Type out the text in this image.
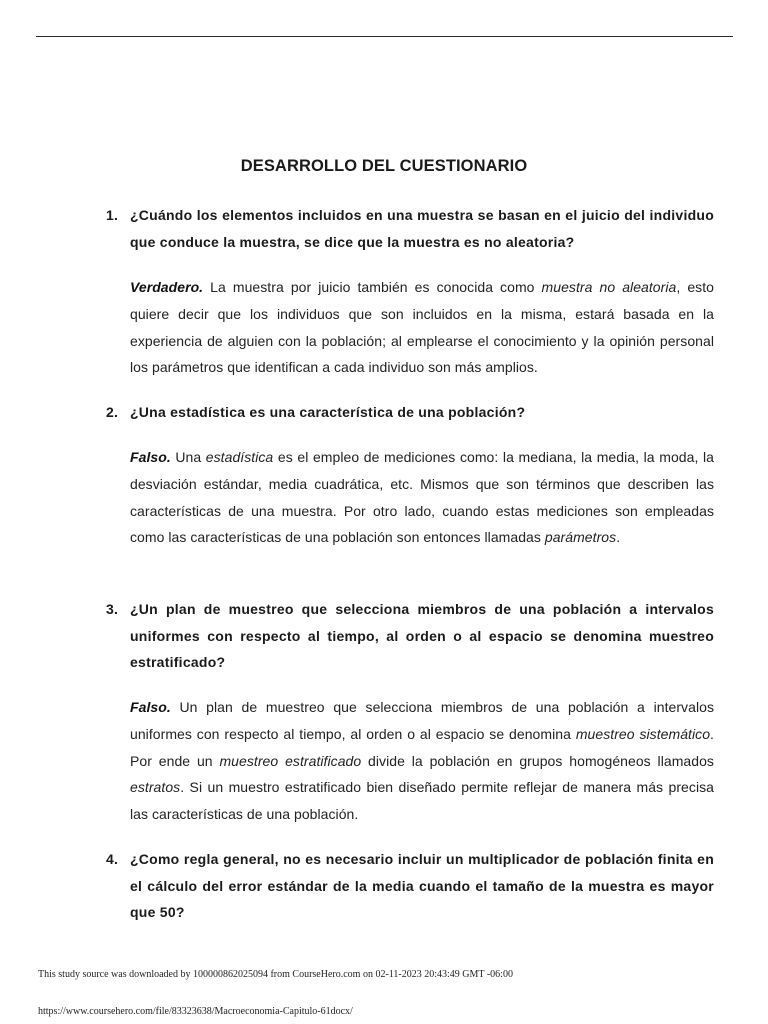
DESARROLLO DEL CUESTIONARIO
1. ¿Cuándo los elementos incluidos en una muestra se basan en el juicio del individuo que conduce la muestra, se dice que la muestra es no aleatoria?
Verdadero. La muestra por juicio también es conocida como muestra no aleatoria, esto quiere decir que los individuos que son incluidos en la misma, estará basada en la experiencia de alguien con la población; al emplearse el conocimiento y la opinión personal los parámetros que identifican a cada individuo son más amplios.
2. ¿Una estadística es una característica de una población?
Falso. Una estadística es el empleo de mediciones como: la mediana, la media, la moda, la desviación estándar, media cuadrática, etc. Mismos que son términos que describen las características de una muestra. Por otro lado, cuando estas mediciones son empleadas como las características de una población son entonces llamadas parámetros.
3. ¿Un plan de muestreo que selecciona miembros de una población a intervalos uniformes con respecto al tiempo, al orden o al espacio se denomina muestreo estratificado?
Falso. Un plan de muestreo que selecciona miembros de una población a intervalos uniformes con respecto al tiempo, al orden o al espacio se denomina muestreo sistemático. Por ende un muestreo estratificado divide la población en grupos homogéneos llamados estratos. Si un muestro estratificado bien diseñado permite reflejar de manera más precisa las características de una población.
4. ¿Como regla general, no es necesario incluir un multiplicador de población finita en el cálculo del error estándar de la media cuando el tamaño de la muestra es mayor que 50?
This study source was downloaded by 100000862025094 from CourseHero.com on 02-11-2023 20:43:49 GMT -06:00
https://www.coursehero.com/file/83323638/Macroeconomia-Capitulo-61docx/
